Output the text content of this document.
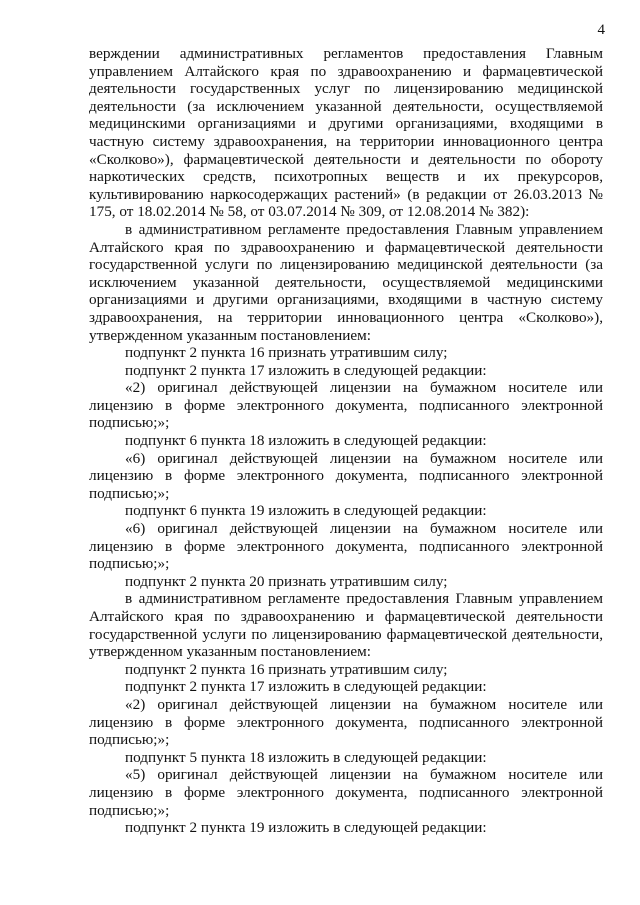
4

верждении административных регламентов предоставления Главным управлением Алтайского края по здравоохранению и фармацевтической деятельности государственных услуг по лицензированию медицинской деятельности (за исключением указанной деятельности, осуществляемой медицинскими организациями и другими организациями, входящими в частную систему здравоохранения, на территории инновационного центра «Сколково»), фармацевтической деятельности и деятельности по обороту наркотических средств, психотропных веществ и их прекурсоров, культивированию наркосодержащих растений» (в редакции от 26.03.2013 № 175, от 18.02.2014 № 58, от 03.07.2014 № 309, от 12.08.2014 № 382):

в административном регламенте предоставления Главным управлением Алтайского края по здравоохранению и фармацевтической деятельности государственной услуги по лицензированию медицинской деятельности (за исключением указанной деятельности, осуществляемой медицинскими организациями и другими организациями, входящими в частную систему здравоохранения, на территории инновационного центра «Сколково»), утвержденном указанным постановлением:

подпункт 2 пункта 16 признать утратившим силу;

подпункт 2 пункта 17 изложить в следующей редакции:

«2) оригинал действующей лицензии на бумажном носителе или лицензию в форме электронного документа, подписанного электронной подписью;»;

подпункт 6 пункта 18 изложить в следующей редакции:

«6) оригинал действующей лицензии на бумажном носителе или лицензию в форме электронного документа, подписанного электронной подписью;»;

подпункт 6 пункта 19 изложить в следующей редакции:

«6) оригинал действующей лицензии на бумажном носителе или лицензию в форме электронного документа, подписанного электронной подписью;»;

подпункт 2 пункта 20 признать утратившим силу;

в административном регламенте предоставления Главным управлением Алтайского края по здравоохранению и фармацевтической деятельности государственной услуги по лицензированию фармацевтической деятельности, утвержденном указанным постановлением:

подпункт 2 пункта 16 признать утратившим силу;

подпункт 2 пункта 17 изложить в следующей редакции:

«2) оригинал действующей лицензии на бумажном носителе или лицензию в форме электронного документа, подписанного электронной подписью;»;

подпункт 5 пункта 18 изложить в следующей редакции:

«5) оригинал действующей лицензии на бумажном носителе или лицензию в форме электронного документа, подписанного электронной подписью;»;

подпункт 2 пункта 19 изложить в следующей редакции:
